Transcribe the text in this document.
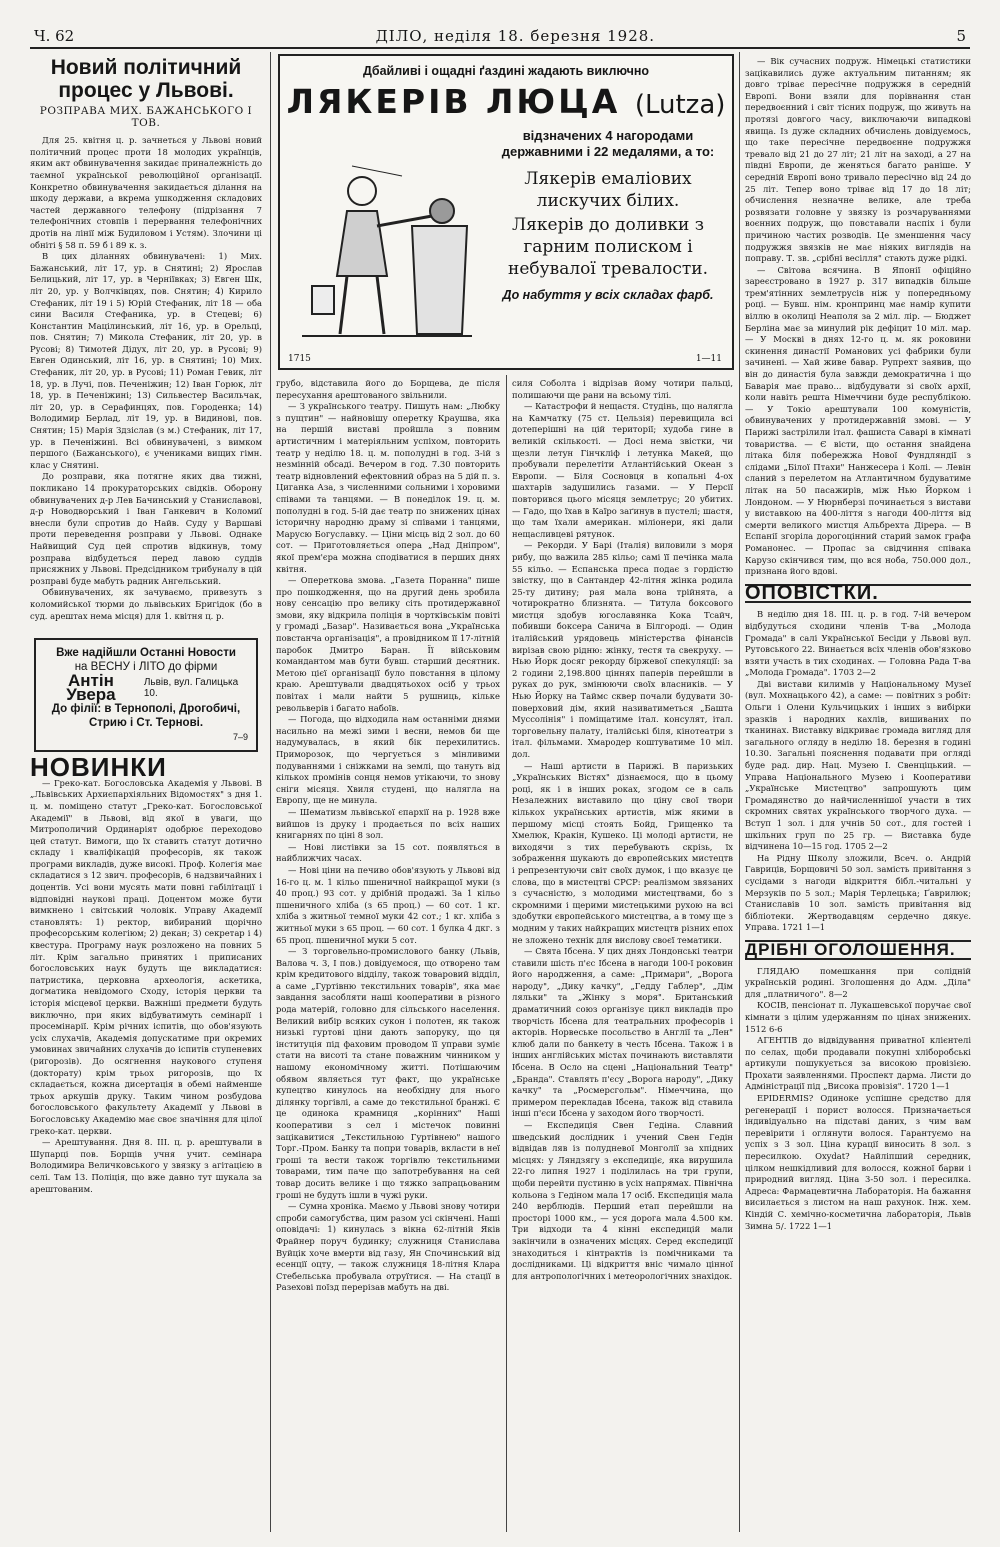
Ч. 62	ДІЛО, неділя 18. березня 1928.	5
Новий політичний процес у Львові.
РОЗПРАВА МИХ. БАЖАНСЬКОГО І ТОВ.

Для 25. квітня ц. р. зачнеться у Львові новий політичний процес проти 18 молодих українців, яким акт обвинувачення закидає приналежність до таємної української революційної організації. Конкретно обвинувачення закидається ділання на шкоду держави, а вкрема ушкодження складових частей державного телефону (підрізання 7 телефонічних стовпів і перервання телефонічних дротів на лінії між Будиловом і Устям). Злочини ці обніті § 58 п. 59 б і 89 к. з.

В цих діланнях обвинувачені: 1) Мих. Бажанський, літ 17, ур. в Снятині; 2) Ярослав Белицький, літ 17, ур. в Черніївках; 3) Евген Шк, літ 20, ур. у Волчківцях, пов. Снятин; 4) Кирило Стефаник, літ 19 і 5) Юрій Стефаник, літ 18 — оба сини Василя Стефаника, ур. в Стецеві; 6) Константин Мацілинський, літ 16, ур. в Орельці, пов. Снятин; 7) Микола Стефаник, літ 20, ур. в Русові; 8) Тимотей Дідух, літ 20, ур. в Русові; 9) Евген Одинський, літ 16, ур. в Снятині; 10) Мих. Стефаник, літ 20, ур. в Русові; 11) Роман Гевик, літ 18, ур. в Лучі, пов. Печеніжин; 12) Іван Горюк, літ 18, ур. в Печеніжині; 13) Сильвестер Васильчак, літ 20, ур. в Серафинцях, пов. Городенка; 14) Володимир Берлад, літ 19, ур. в Видинові, пов. Снятин; 15) Марія Здзіслав (з м.) Стефаник, літ 17, ур. в Печеніжині. Всі обвинувачені, з вимком першого (Бажанського), є учениками вищих гімн. клас у Снятині.

До розправи, яка потягне яких два тижні, покликано 14 прокураторських свідків. Оборону обвинувачених д-р Лев Бачинський у Станиславові, д-р Новодворський і Іван Ганкевич в Коломиї внесли були спротив до Найв. Суду у Варшаві проти переведення розправи у Львові. Однаке Найвищий Суд цей спротив відкинув, тому розправа відбудеться перед лавою суддів присяжних у Львові. Предсідником трибуналу в цій розправі буде мабуть радник Ангельський.

Обвинувачених, як зачуваємо, привезуть з коломийської тюрми до львівських Бригідок (бо в суд. арештах нема місця) для 1. квітня ц. р.

Вже надійшли Останні Новости
на ВЕСНУ і ЛІТО до фірми
Антін Уверa
Львів, вул. Галицька 10.
До філії: в Тернополі, Дрогобичі, Стрию і Ст. Тернові.
7–9
НОВИНКИ

— Греко-кат. Богословська Академія у Львові. В „Львівських Архиєпархіяльних Відомостях" з дня 1. ц. м. поміщено статут „Греко-кат. Богословської Академії" в Львові, від якої в уваги, що Митрополичий Ординаріят одобрює переходово цей статут. Вимоги, що їх ставить статут дотично складу і кваліфікацій професорів, як також програми викладів, дуже високі. Проф. Колегія має складатися з 12 звич. професорів, 6 надзвичайних і доцентів. Усі вони мусять мати повні габілітації і відповідні наукові праці. Доцентом може бути вимкнено і світський чоловік. Управу Академії становлять: 1) ректор, вибираний щорічно професорським колегіюм; 2) декан; 3) секретар і 4) квестура. Програму наук розложено на повних 5 літ. Крім загально принятих і приписаних богословських наук будуть ще викладатися: патристика, церковна археологія, аскетика, догматика невідомого Сходу, історія церкви та історія місцевої церкви. Важніші предмети будуть виключно, при яких відбуватимуть семінарії і просемінарії. Крім річних іспитів, що обов'язують усіх слухачів, Академія допускатиме при окремих умовинах звичайних слухачів до іспитів ступеневих (ригорозів). До осягнення наукового ступеня (докторату) крім трьох ригорозів, що їх складається, кожна дисертація в обемі найменше трьох аркушів друку. Таким чином розбудова богословського факультету Академії у Львові в Богословську Академію має своє значіння для цілої греко-кат. церкви.

— Арештування. Дня 8. III. ц. р. арештували в Шупарці пов. Борщів учня учит. семінара Володимира Величковського у звязку з агітацією в селі. Там 13. Поліція, що вже давно тут шукала за арештованим.

Дбайливі і ощадні ґаздині жадають виключно
ЛЯКЕРІВ ЛЮЦА (Lutza)
відзначених 4 нагородами державними і 22 медалями, а то:
Лякерів емалiових лискучих білих.
Лякерів до доливки з гарним полиском і небувалої тревалости.
До набуття у всіх складах фарб.
1715	1—11

грубо, відставила його до Борщева, де після пересухання арештованого звільнили.

— З українського театру. Пишуть нам: „Любку з пущтин" — найновішу оперетку Краушва, яка на першій виставі пройшла з повним артистичним і матеріяльним успіхом, повторить театр у неділю 18. ц. м. пополудні в год. 3-ій з незмінній обсаді. Вечером в год. 7.30 повторить театр відновлений ефектовний образ на 5 дій п. з. Циганка Аза, з численними сольними і хоровими співами та танцями. — В понеділок 19. ц. м. пополудні в год. 5-ій дає театр по знижених цінах історичну народню драму зі співами і танцями, Марусю Богуславку. — Ціни місць від 2 зол. до 60 сот. — Приготовляється опера „Над Дніпром", якої прем'єра можна сподіватися в перших днях квітня.

— Опереткова змова. „Газета Поранна" пише про пошкодження, що на другий день зробила нову сенсацію про велику сіть протидержавної змови, яку відкрила поліція в чортківськім повіті у громаді „Базар". Називається вона „Українська повстанча організація", а провідником її 17-літній паробок Дмитро Баран. Її військовим командантом мав бути бувш. старший десятник. Метою цієї організації було повстання в цілому краю. Арештували двадцятьохох осіб у трьох повітах і мали найти 5 рушниць, кільке револьверів і багато набоїв.

— Погода, що відходила нам останніми днями насильно на межі зими і весни, немов би ще надумувалась, в який бік перехилитись. Приморозок, що чергується з мінливими подуваннями і сніжками на землі, що тануть від кількох промінів сонця немов утікаючи, то знову сніги місяця. Хвиля студені, що налягла на Европу, ще не минула.

— Шематизм львівської єпархії на р. 1928 вже вийшов із друку і продається по всіх наших книгарнях по ціні 8 зол.

— Нові листівки за 15 сот. появляться в найближчих часах.

— Нові ціни на печиво обов'язують у Львові від 16-го ц. м. 1 кільо пшеничної найкращої муки (з 40 проц.) 93 сот. у дрібній продажі. За 1 кільо пшеничного хліба (з 65 проц.) — 60 сот. 1 кг. хліба з житньої темної муки 42 сот.; 1 кг. хліба з житньої муки з 65 проц. — 60 сот. 1 булка 4 дкг. з 65 проц. пшеничної муки 5 сот.

— З торговельно-промислового банку (Львів, Валова ч. 3, І пов.) довідуємося, що отворено там крім кредитового відділу, також товаровий відділ, а саме „Гуртівню текстильних товарів", яка має завдання засобляти наші кооперативи в різного рода матерій, головно для сільського населення. Великий вибір всяких сукон і полотен, як також низькі гуртові ціни дають запоруку, що ця інституція під фаховим проводом її управи зуміє стати на висоті та стане поважним чинником у нашому економічному житті. Потішаючим обявом являється тут факт, що українське купецтво кинулось на необхідну для нього ділянку торгівлі, а саме до текстильної бранжі. Є це одинока крамниця „корінних" Наші кооперативи з сел і містечок повинні зацікавитися „Текстильною Гуртівнею" нашого Торг.-Пром. Банку та попри товарів, вкласти в неї гроші та вести також торгівлю текстильними товарами, тим паче що запотребування на сей товар досить велике і що тяжко запрацьованим гроші не будуть ішли в чужі руки.

— Сумна хроніка. Маємо у Львові знову чотири спроби самогубства, цим разом усі скінчені. Наші оповідачі: 1) кинулась з вікна 62-літній Яків Фрайнер поруч будинку; служниця Станислава Вуйцік хоче вмерти від газу, Ян Спочинський від есенції оцту, — також служниця 18-літня Клара Стебельська пробувала отруїтися. — На стації в Разехові поїзд перерізав мабуть на дві.

силя Соболта і відрізав йому чотири пальці, полишаючи ще рани на всьому тілі.

— Катастрофи й нещастя. Студінь, що налягла на Камчатку (75 ст. Цельзія) перевищила всі дотеперішні на цій території; худоба гине в великій скількості. — Досі нема звістки, чи щезли летун Гінчкліф і летунка Макей, що пробували перелетіти Атлантійський Океан з Европи. — Біля Сосновця в копальні 4-ох шахтарів задушились газами. — У Персії повторився цього місяця землетрус; 20 убитих. — Гадо, що їхав в Каїро заґинув в пустелі; шастя, що там їхали американ. міліонери, які дали нещасливцеві рятунок.

— Рекорди. У Барі (Італія) виловили з моря рибу, що важила 285 кільо; самі її печінка мала 55 кільо. — Еспанська преса подає з гордістю звістку, що в Сантандер 42-літня жінка родила 25-ту дитину; рая мала вона трійнята, а чотирократно близнята. — Титула боксового мистця здобув югославянка Кока Тсайч, побивши боксера Саничa в Білгороді. — Один італійський урядовець міністерства фінансів вирізав свою рідню: жінку, тестя та свекруху. — Нью Йорк досяг рекорду біржевої спекуляції: за 2 години 2,198.800 ціннях паперів перейшли в руках до рук, змінюючи своїх власників. — У Нью Йорку на Таймс сквер почали будувати 30-поверховий дім, який називатиметься „Башта Муссолінія" і поміщатиме італ. консулят, італ. торговельну палату, італійські біля, кінотеатри з італ. фільмами. Хмародер коштуватиме 10 міл. дол.

— Наші артисти в Парижі. В паризьких „Українських Вістях" дізнаємося, що в цьому році, як і в інших роках, згодом се в саль Незалежних виставило що ціну свої твори кількох українських артистів, між якими в першому місці стоять Бойд, Грищенко та Хмелюк, Кракін, Кушеко. Ці молоді артисти, не виходячи з тих перебувають скрізь, їх зображення шукають до європейських мистецтв і репрезентуючи світ своїх думок, і що вказує це слова, що в мистецтві СРСР: реалізмом звязаних з сучасністю, з молодими мистецтвами, бо з скромними і щерими мистецькими рухою на всі здобутки європейського мистецтва, а в тому ще з модним у таких найкращих мистецтв різних епох не зложено технік для вислову своєї тематики.

— Свята Ібсена. У цих днях Лондонські театри ставили шість п'єс Ібсена в нагоди 100-ї роковин його народження, а саме: „Примари", „Ворога народу", „Дику качку", „Гедду Габлер", „Дім ляльки" та „Жінку з моря". Британський драматичний союз організує цикл викладів про творчість Ібсена для театральних професорів і акторів. Норвеське посольство в Англії та „Лен" клюб дали по банкету в честь Ібсена. Також і в інших англійських містах починають виставляти Ібсена. В Осло на сцені „Національний Театр" „Бранда". Ставлять п'єсу „Ворога народу", „Дику качку" та „Росмерсгольм". Німеччина, що примером перекладав Ібсена, також від ставила інші п'єси Ібсена у заходом його творчості.

— Експедиція Свен Гедіна. Славний шведський дослідник і учений Свен Гедін відвідав ляв із полудневої Монголії за хпідних місцях: у Ляндзягу з експедиціє, яка вирушила 22-го липня 1927 і поділилась на три групи, щоби перейти пустиню в усіх напрямах. Північна кольона з Гедіном мала 17 осіб. Експедиція мала 240 верблюдів. Перший етап перейшли на просторі 1000 км., — уся дорога мала 4.500 км. Три відходи та 4 кінні експедицій мали закінчили в означених місцях. Серед експедиції знаходиться і кінтрактів із помічниками та дослідниками. Ці відкриття вніс чимало цінної для антропологічних і метеорологічних знахідок.

— Вік сучасних подруж. Німецькі статистики зацікавились дуже актуальним питанням; як довго тріває пересічне подружжя в середній Европі. Вони взяли для порівнання стан передвоєнний і світ тісних подруж, що живуть на протязі довгого часу, виключаючи випадкові явища. Із дуже складних обчислень довідуємось, що таке пересічне передвоєнне подружжя тревало від 21 до 27 літ; 21 літ на заході, а 27 на півдні Европи, де женяться багато раніше. У середній Европі воно тривало пересічно від 24 до 25 літ. Тепер воно тріває від 17 до 18 літ; обчислення незначне велике, але треба розвязати головне у звязку із розчаруваннями воєнних подруж, що повставали наспіх і були причиною частих розводів. Це зменшення часу подружжя звязків не має ніяких виглядів на поправу. Т. зв. „срібні весілля" стають дуже рідкі.

— Світова всячина. В Японії офіційно зареєстровано в 1927 р. 317 випадків більше трем'ятінних землетрусів ніж у попередньому році. — Бувш. нім. кронпринц має намір купити віллю в околиці Неаполя за 2 міл. лір. — Бюджет Берліна має за минулий рік дефіцит 10 міл. мар. — У Москві в днях 12-го ц. м. як роковини скинення династії Романових усі фабрики були зачинені. — Хай живе бавар. Рупрехт заявив, що він до династія була завжди демократична і що Баварія має право... відбудувати зі своїх архії, коли навіть решта Німеччини буде республікою. — У Токіо арештували 100 комуністів, обвинувачених у протидержавній змові. — У Парижі застрілили італ. фашиста Саварі в кімнаті товариства. — Є вісти, що остання знайдена літака біля побережжа Нової Фундляндії з слідами „Білої Птахи" Нанжесера і Колі. — Левін сланий з перелетом на Атлантичном будуватиме літак на 50 пасажирів, між Нью Йорком і Лондоном. — У Нюрнберзі починається з вистави у виставкою на 400-ліття з нагоди 400-ліття від смерти великого мистця Альбрехта Дірера. — В Еспанії згоріла дорогоцінний старий замок графа Романонес. — Пропас за свідчиння співака Карузо скінчився тим, що вся ноба, 750.000 дол., признана його вдові.

ОПОВІСТКИ.

В неділю дня 18. III. ц. р. в год. 7-ій вечером відбудуться сходини членів Т-ва „Молода Громада" в салі Української Бесіди у Львові вул. Рутовського 22. Винається всіх членів обов'язково взяти участь в тих сходинах. — Головна Рада Т-ва „Молода Громада". 1703 2—2

Дві вистави килимів у Національному Музеї (вул. Мохнацького 42), а саме: — повітних з робіт: Ольги і Олени Кульчицьких і інших з вибірки зразків і народних кахлів, вишиваних по тканинах. Виставку відкриває громада вигляд для загального огляду в неділю 18. березня в годині 10.30. Загальні пояснення подавати при огляді буде рад. дир. Нац. Музею І. Свенціцький. — Управа Національного Музею і Кооперативи „Українське Мистецтво" запрошують цим Громадянство до найчисленнішої участи в тих скромних святах українського творчого духа. — Вступ 1 зол. і для учнів 50 сот., для гостей і шкільних груп по 25 гр. — Виставка буде відчинена 10—15 год. 1705 2—2

На Рідну Школу зложили, Всеч. о. Андрій Гавриців, Борщовичі 50 зол. замість привітання з сусідами з нагоди відкриття бібл.-читальні у Мерзуків по 5 зол.; Марія Терлецька; Ґаврилюк; Станиславів 10 зол. замість привітання від бібліотеки. Жертводавцям сердечно дякує. Управа. 1721 1—1

ДРІБНІ ОГОЛОШЕННЯ.

ГЛЯДАЮ помешкання при солідній українській родині. Зголошення до Адм. „Діла" для „платничого". 8—2

КОСІВ, пенсіонат п. Лукашевської поручає свої кімнати з цілим удержанням по цінах знижених. 1512 6-6

АГЕНТІВ до відвідування приватної клієнтелі по селах, щоби продавали покупні хліборобські артикули пошукується за високою провізією. Прохати заявленнями. Проспект дарма. Листи до Адміністрації під „Висока провізія". 1720 1—1

EPIDERMIS? Одиноке успішне средство для регенерації і порист волосся. Призначається індивідуально на підставі даних, з чим вам перевірити і оглянути волося. Гарантуємо на успіх з 3 зол. Ціна курації виносить 8 зол. з пересилкою. Oxydat? Найліпший середник, цілком нешкідливий для волосся, кожної барви і природний вигляд. Ціна 3-50 зол. і пересилка. Адреса: Фармацевтична Лабораторія. На бажання висилається з листом на наш рахунок. Інж. хем. Кіндій С. хемічно-косметична лабораторія, Львів Зимна 5/. 1722 1—1
